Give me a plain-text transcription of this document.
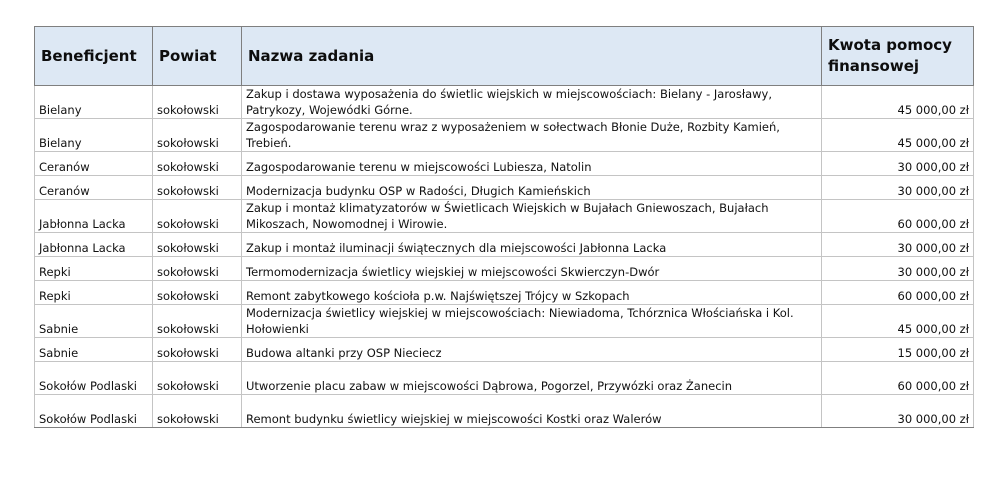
Beneficjent	Powiat	Nazwa zadania	Kwota pomocy finansowej
Bielany	sokołowski	Zakup i dostawa wyposażenia do świetlic wiejskich w miejscowościach: Bielany - Jarosławy, Patrykozy, Wojewódki Górne.	45 000,00 zł
Bielany	sokołowski	Zagospodarowanie terenu wraz z wyposażeniem w sołectwach Błonie Duże, Rozbity Kamień, Trebień.	45 000,00 zł
Ceranów	sokołowski	Zagospodarowanie terenu w miejscowości Lubiesza, Natolin	30 000,00 zł
Ceranów	sokołowski	Modernizacja budynku OSP w Radości, Długich Kamieńskich	30 000,00 zł
Jabłonna Lacka	sokołowski	Zakup i montaż klimatyzatorów w Świetlicach Wiejskich w Bujałach Gniewoszach, Bujałach Mikoszach, Nowomodnej i Wirowie.	60 000,00 zł
Jabłonna Lacka	sokołowski	Zakup i montaż iluminacji świątecznych dla miejscowości Jabłonna Lacka	30 000,00 zł
Repki	sokołowski	Termomodernizacja świetlicy wiejskiej w miejscowości Skwierczyn-Dwór	30 000,00 zł
Repki	sokołowski	Remont zabytkowego kościoła p.w. Najświętszej Trójcy w Szkopach	60 000,00 zł
Sabnie	sokołowski	Modernizacja świetlicy wiejskiej w miejscowościach: Niewiadoma, Tchórznica Włościańska i Kol. Hołowienki	45 000,00 zł
Sabnie	sokołowski	Budowa altanki przy OSP Nieciecz	15 000,00 zł
Sokołów Podlaski	sokołowski	Utworzenie placu zabaw w miejscowości Dąbrowa, Pogorzel, Przywózki oraz Żanecin	60 000,00 zł
Sokołów Podlaski	sokołowski	Remont budynku świetlicy wiejskiej w miejscowości Kostki oraz Walerów	30 000,00 zł
